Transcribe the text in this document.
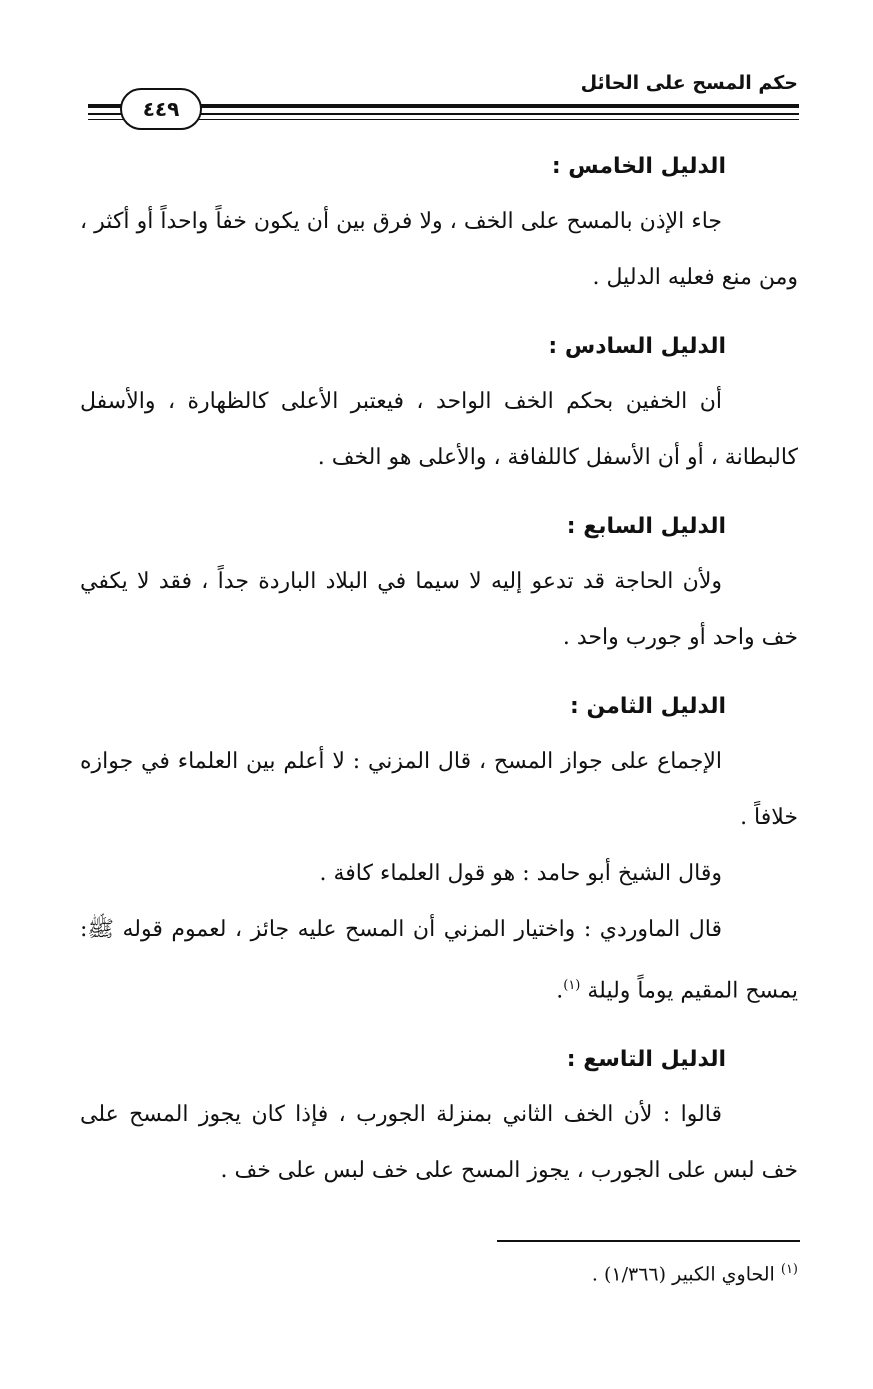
حكم المسح على الحائل
٤٤٩
الدليل الخامس :

جاء الإذن بالمسح على الخف ، ولا فرق بين أن يكون خفاً واحداً أو أكثر ، ومن منع فعليه الدليل .

الدليل السادس :

أن الخفين بحكم الخف الواحد ، فيعتبر الأعلى كالظهارة ، والأسفل كالبطانة ، أو أن الأسفل كاللفافة ، والأعلى هو الخف .

الدليل السابع :

ولأن الحاجة قد تدعو إليه لا سيما في البلاد الباردة جداً ، فقد لا يكفي خف واحد أو جورب واحد .

الدليل الثامن :

الإجماع على جواز المسح ، قال المزني : لا أعلم بين العلماء في جوازه خلافاً .

وقال الشيخ أبو حامد : هو قول العلماء كافة .

قال الماوردي : واختيار المزني أن المسح عليه جائز ، لعموم قوله ﷺ: يمسح المقيم يوماً وليلة $^{(١)}$.

الدليل التاسع :

قالوا : لأن الخف الثاني بمنزلة الجورب ، فإذا كان يجوز المسح على خف لبس على الجورب ، يجوز المسح على خف لبس على خف .

$^{(١)}$ الحاوي الكبير (١/٣٦٦) .
